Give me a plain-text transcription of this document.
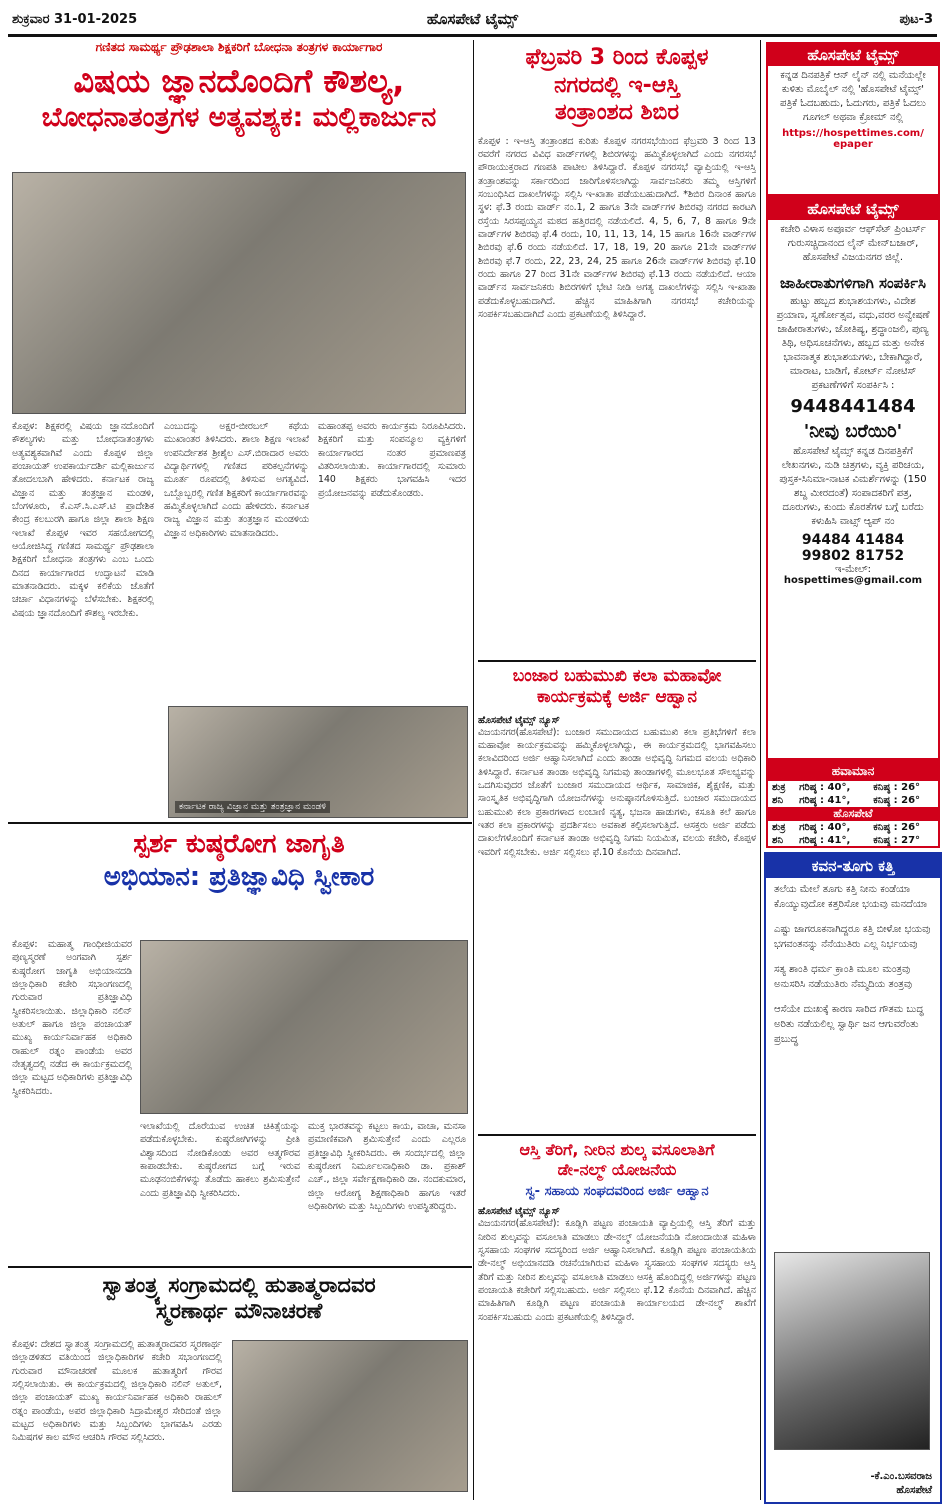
ಶುಕ್ರವಾರ 31-01-2025	ಹೊಸಪೇಟೆ ಟೈಮ್ಸ್	ಪುಟ-3
ಗಣಿತದ ಸಾಮರ್ಥ್ಯ ಪ್ರೌಢಶಾಲಾ ಶಿಕ್ಷಕರಿಗೆ ಬೋಧನಾ ತಂತ್ರಗಳ ಕಾರ್ಯಾಗಾರ
ವಿಷಯ ಜ್ಞಾನದೊಂದಿಗೆ ಕೌಶಲ್ಯ,
ಬೋಧನಾತಂತ್ರಗಳ ಅತ್ಯವಶ್ಯಕ: ಮಲ್ಲಿಕಾರ್ಜುನ
ಕೊಪ್ಪಳ: ಶಿಕ್ಷಕರಲ್ಲಿ ವಿಷಯ ಜ್ಞಾನದೊಂದಿಗೆ ಕೌಶಲ್ಯಗಳು ಮತ್ತು ಬೋಧನಾತಂತ್ರಗಳು ಅತ್ಯವಶ್ಯಕವಾಗಿವೆ ಎಂದು ಕೊಪ್ಪಳ ಜಿಲ್ಲಾ ಪಂಚಾಯತ್ ಉಪಕಾರ್ಯದರ್ಶಿ ಮಲ್ಲಿಕಾರ್ಜುನ ತೋದಲಬಾಗಿ ಹೇಳಿದರು. ಕರ್ನಾಟಕ ರಾಜ್ಯ ವಿಜ್ಞಾನ ಮತ್ತು ತಂತ್ರಜ್ಞಾನ ಮಂಡಳಿ, ಬೆಂಗಳೂರು, ಕೆ.ಎಸ್.ಸಿ.ಎಸ್.ಟಿ ಪ್ರಾದೇಶಿಕ ಕೇಂದ್ರ ಕಲಬುರಗಿ ಹಾಗೂ ಜಿಲ್ಲಾ ಶಾಲಾ ಶಿಕ್ಷಣ ಇಲಾಖೆ ಕೊಪ್ಪಳ ಇವರ ಸಹಯೋಗದಲ್ಲಿ ಆಯೋಜಿಸಿದ್ದ ಗಣಿತದ ಸಾಮರ್ಥ್ಯ ಪ್ರೌಢಶಾಲಾ ಶಿಕ್ಷಕರಿಗೆ ಬೋಧನಾ ತಂತ್ರಗಳು ಎಂಬ ಒಂದು ದಿನದ ಕಾರ್ಯಾಗಾರದ ಉದ್ಘಾಟನೆ ಮಾಡಿ ಮಾತನಾಡಿದರು. ಮಕ್ಕಳ ಕಲಿಕೆಯ ಜೊತೆಗೆ ಚರ್ಚಾ ವಿಧಾನಗಳನ್ನು ಬೆಳೆಸಬೇಕು. ಶಿಕ್ಷಕರಲ್ಲಿ ವಿಷಯ ಜ್ಞಾನದೊಂದಿಗೆ ಕೌಶಲ್ಯ ಇರಬೇಕು.
ಎಂಬುದನ್ನು ಅಕ್ಷರ-ಬೀರಬಲ್ ಕಥೆಯ ಮುಖಾಂತರ ತಿಳಿಸಿದರು. ಶಾಲಾ ಶಿಕ್ಷಣ ಇಲಾಖೆ ಉಪನಿರ್ದೇಶಕ ಶ್ರೀಶೈಲ ಎಸ್.ಬಿರಾದಾರ ಅವರು ವಿದ್ಯಾರ್ಥಿಗಳಲ್ಲಿ ಗಣಿತದ ಪರಿಕಲ್ಪನೆಗಳನ್ನು ಮೂರ್ತ ರೂಪದಲ್ಲಿ ತಿಳಿಸುವ ಅಗತ್ಯವಿದೆ. ಒಬ್ಬೊಬ್ಬರಲ್ಲಿ ಗಣಿತ ಶಿಕ್ಷಕರಿಗೆ ಕಾರ್ಯಾಗಾರವನ್ನು ಹಮ್ಮಿಕೊಳ್ಳಲಾಗಿದೆ ಎಂದು ಹೇಳಿದರು. ಕರ್ನಾಟಕ ರಾಜ್ಯ ವಿಜ್ಞಾನ ಮತ್ತು ತಂತ್ರಜ್ಞಾನ ಮಂಡಳಿಯ ವಿಜ್ಞಾನ ಅಧಿಕಾರಿಗಳು ಮಾತನಾಡಿದರು.
ಮಹಾಂತಪ್ಪ ಅವರು ಕಾರ್ಯಕ್ರಮ ನಿರೂಪಿಸಿದರು. ಶಿಕ್ಷಕರಿಗೆ ಮತ್ತು ಸಂಪನ್ಮೂಲ ವ್ಯಕ್ತಿಗಳಿಗೆ ಕಾರ್ಯಾಗಾರದ ನಂತರ ಪ್ರಮಾಣಪತ್ರ ವಿತರಿಸಲಾಯಿತು. ಕಾರ್ಯಾಗಾರದಲ್ಲಿ ಸುಮಾರು 140 ಶಿಕ್ಷಕರು ಭಾಗವಹಿಸಿ ಇದರ ಪ್ರಯೋಜನವನ್ನು ಪಡೆದುಕೊಂಡರು.
ಕರ್ನಾಟಕ ರಾಜ್ಯ ವಿಜ್ಞಾನ ಮತ್ತು ತಂತ್ರಜ್ಞಾನ ಮಂಡಳಿ
ಫೆಬ್ರವರಿ 3 ರಿಂದ ಕೊಪ್ಪಳ
ನಗರದಲ್ಲಿ ಇ-ಆಸ್ತಿ
ತಂತ್ರಾಂಶದ ಶಿಬಿರ
ಕೊಪ್ಪಳ : ಇ-ಆಸ್ತಿ ತಂತ್ರಾಂಶದ ಕುರಿತು ಕೊಪ್ಪಳ ನಗರಸಭೆಯಿಂದ ಫೆಬ್ರವರಿ 3 ರಿಂದ 13 ರವರೆಗೆ ನಗರದ ವಿವಿಧ ವಾರ್ಡ್‌ಗಳಲ್ಲಿ ಶಿಬಿರಗಳನ್ನು ಹಮ್ಮಿಕೊಳ್ಳಲಾಗಿದೆ ಎಂದು ನಗರಸಭೆ ಪೌರಾಯುಕ್ತರಾದ ಗಣಪತಿ ಪಾಟೀಲ ತಿಳಿಸಿದ್ದಾರೆ. ಕೊಪ್ಪಳ ನಗರಸಭೆ ವ್ಯಾಪ್ತಿಯಲ್ಲಿ ಇ-ಆಸ್ತಿ ತಂತ್ರಾಂಶವನ್ನು ಸರ್ಕಾರದಿಂದ ಜಾರಿಗೊಳಿಸಲಾಗಿದ್ದು ಸಾರ್ವಜನಿಕರು ತಮ್ಮ ಆಸ್ತಿಗಳಿಗೆ ಸಂಬಂಧಿಸಿದ ದಾಖಲೆಗಳನ್ನು ಸಲ್ಲಿಸಿ ಇ-ಖಾತಾ ಪಡೆಯಬಹುದಾಗಿದೆ. *ಶಿಬಿರ ದಿನಾಂಕ ಹಾಗೂ ಸ್ಥಳ: ಫೆ.3 ರಂದು ವಾರ್ಡ್ ನಂ.1, 2 ಹಾಗೂ 3ನೇ ವಾರ್ಡ್‌ಗಳ ಶಿಬಿರವು ನಗರದ ಕಾರಟಗಿ ರಸ್ತೆಯ ಸಿರಸಪ್ಪಯ್ಯನ ಮಠದ ಹತ್ತಿರದಲ್ಲಿ ನಡೆಯಲಿದೆ. 4, 5, 6, 7, 8 ಹಾಗೂ 9ನೇ ವಾರ್ಡ್‌ಗಳ ಶಿಬಿರವು ಫೆ.4 ರಂದು, 10, 11, 13, 14, 15 ಹಾಗೂ 16ನೇ ವಾರ್ಡ್‌ಗಳ ಶಿಬಿರವು ಫೆ.6 ರಂದು ನಡೆಯಲಿದೆ. 17, 18, 19, 20 ಹಾಗೂ 21ನೇ ವಾರ್ಡ್‌ಗಳ ಶಿಬಿರವು ಫೆ.7 ರಂದು, 22, 23, 24, 25 ಹಾಗೂ 26ನೇ ವಾರ್ಡ್‌ಗಳ ಶಿಬಿರವು ಫೆ.10 ರಂದು ಹಾಗೂ 27 ರಿಂದ 31ನೇ ವಾರ್ಡ್‌ಗಳ ಶಿಬಿರವು ಫೆ.13 ರಂದು ನಡೆಯಲಿದೆ. ಆಯಾ ವಾರ್ಡ್‌ನ ಸಾರ್ವಜನಿಕರು ಶಿಬಿರಗಳಿಗೆ ಭೇಟಿ ನೀಡಿ ಅಗತ್ಯ ದಾಖಲೆಗಳನ್ನು ಸಲ್ಲಿಸಿ ಇ-ಖಾತಾ ಪಡೆದುಕೊಳ್ಳಬಹುದಾಗಿದೆ. ಹೆಚ್ಚಿನ ಮಾಹಿತಿಗಾಗಿ ನಗರಸಭೆ ಕಚೇರಿಯನ್ನು ಸಂಪರ್ಕಿಸಬಹುದಾಗಿದೆ ಎಂದು ಪ್ರಕಟಣೆಯಲ್ಲಿ ತಿಳಿಸಿದ್ದಾರೆ.
ಬಂಜಾರ ಬಹುಮುಖಿ ಕಲಾ ಮಹಾವೋ
ಕಾರ್ಯಕ್ರಮಕ್ಕೆ ಅರ್ಜಿ ಆಹ್ವಾನ
ಹೊಸಪೇಟೆ ಟೈಮ್ಸ್ ನ್ಯೂಸ್
ವಿಜಯನಗರ(ಹೊಸಪೇಟೆ): ಬಂಜಾರ ಸಮುದಾಯದ ಬಹುಮುಖಿ ಕಲಾ ಪ್ರತಿಭೆಗಳಿಗೆ ಕಲಾ ಮಹಾವೋ ಕಾರ್ಯಕ್ರಮವನ್ನು ಹಮ್ಮಿಕೊಳ್ಳಲಾಗಿದ್ದು, ಈ ಕಾರ್ಯಕ್ರಮದಲ್ಲಿ ಭಾಗವಹಿಸಲು ಕಲಾವಿದರಿಂದ ಅರ್ಜಿ ಆಹ್ವಾನಿಸಲಾಗಿದೆ ಎಂದು ತಾಂಡಾ ಅಭಿವೃದ್ಧಿ ನಿಗಮದ ವಲಯ ಅಧಿಕಾರಿ ತಿಳಿಸಿದ್ದಾರೆ. ಕರ್ನಾಟಕ ತಾಂಡಾ ಅಭಿವೃದ್ಧಿ ನಿಗಮವು ತಾಂಡಾಗಳಲ್ಲಿ ಮೂಲಭೂತ ಸೌಲಭ್ಯವನ್ನು ಒದಗಿಸುವುದರ ಜೊತೆಗೆ ಬಂಜಾರ ಸಮುದಾಯದ ಆರ್ಥಿಕ, ಸಾಮಾಜಿಕ, ಶೈಕ್ಷಣಿಕ, ಮತ್ತು ಸಾಂಸ್ಕೃತಿಕ ಅಭಿವೃದ್ಧಿಗಾಗಿ ಯೋಜನೆಗಳನ್ನು ಅನುಷ್ಠಾನಗೊಳಿಸುತ್ತಿದೆ. ಬಂಜಾರ ಸಮುದಾಯದ ಬಹುಮುಖಿ ಕಲಾ ಪ್ರಕಾರಗಳಾದ ಲಂಬಾಣಿ ನೃತ್ಯ, ಭಜನಾ ಹಾಡುಗಳು, ಕಸೂತಿ ಕಲೆ ಹಾಗೂ ಇತರ ಕಲಾ ಪ್ರಕಾರಗಳನ್ನು ಪ್ರದರ್ಶಿಸಲು ಅವಕಾಶ ಕಲ್ಪಿಸಲಾಗುತ್ತಿದೆ. ಆಸಕ್ತರು ಅರ್ಜಿ ಪಡೆದು ದಾಖಲೆಗಳೊಂದಿಗೆ ಕರ್ನಾಟಕ ತಾಂಡಾ ಅಭಿವೃದ್ಧಿ ನಿಗಮ ನಿಯಮಿತ, ವಲಯ ಕಚೇರಿ, ಕೊಪ್ಪಳ ಇವರಿಗೆ ಸಲ್ಲಿಸಬೇಕು. ಅರ್ಜಿ ಸಲ್ಲಿಸಲು ಫೆ.10 ಕೊನೆಯ ದಿನವಾಗಿದೆ.
ಆಸ್ತಿ ತೆರಿಗೆ, ನೀರಿನ ಶುಲ್ಕ ವಸೂಲಾತಿಗೆ
ಡೇ-ನಲ್ಮ್ ಯೋಜನೆಯ
ಸ್ವ- ಸಹಾಯ ಸಂಘದವರಿಂದ ಅರ್ಜಿ ಆಹ್ವಾನ
ಹೊಸಪೇಟೆ ಟೈಮ್ಸ್ ನ್ಯೂಸ್
ವಿಜಯನಗರ(ಹೊಸಪೇಟೆ): ಕೂಡ್ಲಿಗಿ ಪಟ್ಟಣ ಪಂಚಾಯತಿ ವ್ಯಾಪ್ತಿಯಲ್ಲಿ ಆಸ್ತಿ ತೆರಿಗೆ ಮತ್ತು ನೀರಿನ ಶುಲ್ಕವನ್ನು ವಸೂಲಾತಿ ಮಾಡಲು ಡೇ-ನಲ್ಮ್ ಯೋಜನೆಯಡಿ ನೋಂದಾಯಿತ ಮಹಿಳಾ ಸ್ವಸಹಾಯ ಸಂಘಗಳ ಸದಸ್ಯರಿಂದ ಅರ್ಜಿ ಆಹ್ವಾನಿಸಲಾಗಿದೆ. ಕೂಡ್ಲಿಗಿ ಪಟ್ಟಣ ಪಂಚಾಯತಿಯ ಡೇ-ನಲ್ಮ್ ಅಭಿಯಾನದಡಿ ರಚನೆಯಾಗಿರುವ ಮಹಿಳಾ ಸ್ವಸಹಾಯ ಸಂಘಗಳ ಸದಸ್ಯರು ಆಸ್ತಿ ತೆರಿಗೆ ಮತ್ತು ನೀರಿನ ಶುಲ್ಕವನ್ನು ವಸೂಲಾತಿ ಮಾಡಲು ಆಸಕ್ತಿ ಹೊಂದಿದ್ದಲ್ಲಿ ಅರ್ಜಿಗಳನ್ನು ಪಟ್ಟಣ ಪಂಚಾಯತಿ ಕಚೇರಿಗೆ ಸಲ್ಲಿಸಬಹುದು. ಅರ್ಜಿ ಸಲ್ಲಿಸಲು ಫೆ.12 ಕೊನೆಯ ದಿನವಾಗಿದೆ. ಹೆಚ್ಚಿನ ಮಾಹಿತಿಗಾಗಿ ಕೂಡ್ಲಿಗಿ ಪಟ್ಟಣ ಪಂಚಾಯತಿ ಕಾರ್ಯಾಲಯದ ಡೇ-ನಲ್ಮ್ ಶಾಖೆಗೆ ಸಂಪರ್ಕಿಸಬಹುದು ಎಂದು ಪ್ರಕಟಣೆಯಲ್ಲಿ ತಿಳಿಸಿದ್ದಾರೆ.
ಸ್ಪರ್ಶ ಕುಷ್ಠರೋಗ ಜಾಗೃತಿ
ಅಭಿಯಾನ: ಪ್ರತಿಜ್ಞಾವಿಧಿ ಸ್ವೀಕಾರ
ಕೊಪ್ಪಳ: ಮಹಾತ್ಮ ಗಾಂಧೀಜಿಯವರ ಪುಣ್ಯಸ್ಮರಣೆ ಅಂಗವಾಗಿ ಸ್ಪರ್ಶ ಕುಷ್ಠರೋಗ ಜಾಗೃತಿ ಅಭಿಯಾನದಡಿ ಜಿಲ್ಲಾಧಿಕಾರಿ ಕಚೇರಿ ಸಭಾಂಗಣದಲ್ಲಿ ಗುರುವಾರ ಪ್ರತಿಜ್ಞಾವಿಧಿ ಸ್ವೀಕರಿಸಲಾಯಿತು. ಜಿಲ್ಲಾಧಿಕಾರಿ ನಲಿನ್ ಅತುಲ್ ಹಾಗೂ ಜಿಲ್ಲಾ ಪಂಚಾಯತ್ ಮುಖ್ಯ ಕಾರ್ಯನಿರ್ವಾಹಕ ಅಧಿಕಾರಿ ರಾಹುಲ್ ರತ್ನಂ ಪಾಂಡೆಯ ಅವರ ನೇತೃತ್ವದಲ್ಲಿ ನಡೆದ ಈ ಕಾರ್ಯಕ್ರಮದಲ್ಲಿ ಜಿಲ್ಲಾ ಮಟ್ಟದ ಅಧಿಕಾರಿಗಳು ಪ್ರತಿಜ್ಞಾವಿಧಿ ಸ್ವೀಕರಿಸಿದರು.
ಇಲಾಖೆಯಲ್ಲಿ ದೊರೆಯುವ ಉಚಿತ ಚಿಕಿತ್ಸೆಯನ್ನು ಪಡೆದುಕೊಳ್ಳಬೇಕು. ಕುಷ್ಠರೋಗಿಗಳನ್ನು ಪ್ರೀತಿ ವಿಶ್ವಾಸದಿಂದ ನೋಡಿಕೊಂಡು ಅವರ ಆತ್ಮಗೌರವ ಕಾಪಾಡಬೇಕು. ಕುಷ್ಠರೋಗದ ಬಗ್ಗೆ ಇರುವ ಮೂಢನಂಬಿಕೆಗಳನ್ನು ತೊಡೆದು ಹಾಕಲು ಶ್ರಮಿಸುತ್ತೇನೆ ಎಂದು ಪ್ರತಿಜ್ಞಾವಿಧಿ ಸ್ವೀಕರಿಸಿದರು.
ಮುಕ್ತ ಭಾರತವನ್ನು ಕಟ್ಟಲು ಕಾಯ, ವಾಚಾ, ಮನಸಾ ಪ್ರಮಾಣಿಕವಾಗಿ ಶ್ರಮಿಸುತ್ತೇನೆ ಎಂದು ಎಲ್ಲರೂ ಪ್ರತಿಜ್ಞಾವಿಧಿ ಸ್ವೀಕರಿಸಿದರು. ಈ ಸಂದರ್ಭದಲ್ಲಿ ಜಿಲ್ಲಾ ಕುಷ್ಠರೋಗ ನಿರ್ಮೂಲನಾಧಿಕಾರಿ ಡಾ. ಪ್ರಕಾಶ್ ಎಚ್., ಜಿಲ್ಲಾ ಸರ್ವೇಕ್ಷಣಾಧಿಕಾರಿ ಡಾ. ನಂದಕುಮಾರ, ಜಿಲ್ಲಾ ಆರೋಗ್ಯ ಶಿಕ್ಷಣಾಧಿಕಾರಿ ಹಾಗೂ ಇತರೆ ಅಧಿಕಾರಿಗಳು ಮತ್ತು ಸಿಬ್ಬಂದಿಗಳು ಉಪಸ್ಥಿತರಿದ್ದರು.
ಸ್ವಾತಂತ್ರ್ಯ ಸಂಗ್ರಾಮದಲ್ಲಿ ಹುತಾತ್ಮರಾದವರ
ಸ್ಮರಣಾರ್ಥ ಮೌನಾಚರಣೆ
ಕೊಪ್ಪಳ: ದೇಶದ ಸ್ವಾತಂತ್ರ್ಯ ಸಂಗ್ರಾಮದಲ್ಲಿ ಹುತಾತ್ಮರಾದವರ ಸ್ಮರಣಾರ್ಥ ಜಿಲ್ಲಾಡಳಿತದ ವತಿಯಿಂದ ಜಿಲ್ಲಾಧಿಕಾರಿಗಳ ಕಚೇರಿ ಸಭಾಂಗಣದಲ್ಲಿ ಗುರುವಾರ ಮೌನಾಚರಣೆ ಮೂಲಕ ಹುತಾತ್ಮರಿಗೆ ಗೌರವ ಸಲ್ಲಿಸಲಾಯಿತು. ಈ ಕಾರ್ಯಕ್ರಮದಲ್ಲಿ ಜಿಲ್ಲಾಧಿಕಾರಿ ನಲಿನ್ ಅತುಲ್, ಜಿಲ್ಲಾ ಪಂಚಾಯತ್ ಮುಖ್ಯ ಕಾರ್ಯನಿರ್ವಾಹಕ ಅಧಿಕಾರಿ ರಾಹುಲ್ ರತ್ನಂ ಪಾಂಡೆಯ, ಅಪರ ಜಿಲ್ಲಾಧಿಕಾರಿ ಸಿದ್ರಾಮೇಶ್ವರ ಸೇರಿದಂತೆ ಜಿಲ್ಲಾ ಮಟ್ಟದ ಅಧಿಕಾರಿಗಳು ಮತ್ತು ಸಿಬ್ಬಂದಿಗಳು ಭಾಗವಹಿಸಿ ಎರಡು ನಿಮಿಷಗಳ ಕಾಲ ಮೌನ ಆಚರಿಸಿ ಗೌರವ ಸಲ್ಲಿಸಿದರು.
ಹೊಸಪೇಟೆ ಟೈಮ್ಸ್
ಕನ್ನಡ ದಿನಪತ್ರಿಕೆ ಆನ್ ಲೈನ್ ನಲ್ಲಿ ಮನೆಯಲ್ಲೇ ಕುಳಿತು ಮೊಬೈಲ್ ನಲ್ಲಿ 'ಹೊಸಪೇಟೆ ಟೈಮ್ಸ್' ಪತ್ರಿಕೆ ಓದಬಹುದು, ಓದುಗರು, ಪತ್ರಿಕೆ ಓದಲು ಗೂಗಲ್ ಅಥವಾ ಕ್ರೋಮ್ ನಲ್ಲಿ
https://hospettimes.com/
epaper
ಹೊಸಪೇಟೆ ಟೈಮ್ಸ್
ಕಚೇರಿ ವಿಳಾಸ ಅಪೂರ್ವ ಆಫ್‌ಸೆಟ್ ಪ್ರಿಂಟರ್ಸ್ ಗುರುಸಚ್ಚಿದಾನಂದ ಲೈನ್ ಮೇನ್‌ಬಜಾರ್, ಹೊಸಪೇಟೆ ವಿಜಯನಗರ ಜಿಲ್ಲೆ.
ಜಾಹೀರಾತುಗಳಿಗಾಗಿ ಸಂಪರ್ಕಿಸಿ
ಹುಟ್ಟು ಹಬ್ಬದ ಶುಭಾಶಯಗಳು, ವಿದೇಶ ಪ್ರಯಾಣ, ಸ್ವರ್ಣೋತ್ಸವ, ವಧು,ವರರ ಅನ್ವೇಷಣೆ ಜಾಹೀರಾತುಗಳು, ಜೋತಿಷ್ಯ, ಶ್ರದ್ಧಾಂಜಲಿ, ಪುಣ್ಯ ತಿಥಿ, ಅಧಿಸೂಚನೆಗಳು, ಹಬ್ಬದ ಮತ್ತು ಅನೇಕ ಭಾವನಾತ್ಮಕ ಶುಭಾಶಯಗಳು, ಬೇಕಾಗಿದ್ದಾರೆ, ಮಾರಾಟ, ಬಾಡಿಗೆ, ಕೋರ್ಟ್ ನೋಟಿಸ್ ಪ್ರಕಟಣೆಗಳಿಗೆ ಸಂಪರ್ಕಿಸಿ :
9448441484
'ನೀವು ಬರೆಯಿರಿ'
ಹೊಸಪೇಟೆ ಟೈಮ್ಸ್ ಕನ್ನಡ ದಿನಪತ್ರಿಕೆಗೆ ಲೇಖನಗಳು, ನುಡಿ ಚಿತ್ರಗಳು, ವ್ಯಕ್ತಿ ಪರಿಚಯ, ಪುಸ್ತಕ-ಸಿನಿಮಾ-ನಾಟಕ ವಿಮರ್ಶೆಗಳನ್ನು (150 ಶಬ್ದ ಮೀರದಂತೆ) ಸಂಪಾದಕರಿಗೆ ಪತ್ರ, ದೂರುಗಳು, ಕುಂದು ಕೊರತೆಗಳ ಬಗ್ಗೆ ಬರೆದು ಕಳುಹಿಸಿ ವಾಟ್ಸ್ ಆ್ಯಪ್ ನಂ
94484 41484
99802 81752
ಇ-ಮೇಲ್: hospettimes@gmail.com
ಹವಾಮಾನ
ಶುಕ್ರ	ಗರಿಷ್ಠ : 40°,	ಕನಿಷ್ಠ : 26°
ಶನಿ	ಗರಿಷ್ಠ : 41°,	ಕನಿಷ್ಠ : 26°
ಹೊಸಪೇಟೆ
ಶುಕ್ರ	ಗರಿಷ್ಠ : 40°,	ಕನಿಷ್ಠ : 26°
ಶನಿ	ಗರಿಷ್ಠ : 41°,	ಕನಿಷ್ಠ : 27°
ಕವನ-ತೂಗು ಕತ್ತಿ

ತಲೆಯ ಮೇಲೆ ತೂಗು ಕತ್ತಿ ನೀನು ಕಂಡೆಯಾ ಕೊಯ್ಯುವುದೋ ಕತ್ತರಿಸೋ ಭಯವು ಮನದೆಯಾ

ಎಷ್ಟು ಜಾಗರೂಕನಾಗಿದ್ದರೂ ಕತ್ತಿ ಬೀಳೋ ಭಯವು ಭಗವಂತನನ್ನು ನೆನೆಯುತಿರು ಎಲ್ಲ ನಿರ್ಭಯವು

ಸತ್ಯ ಶಾಂತಿ ಧರ್ಮ ಕ್ರಾಂತಿ ಮೂಲ ಮಂತ್ರವು ಅನುಸರಿಸಿ ನಡೆಯುತಿರು ನೆಮ್ಮದಿಯ ತಂತ್ರವು

ಆಸೆಯೇ ದುಃಖಕ್ಕೆ ಕಾರಣ ಸಾರಿದ ಗೌತಮ ಬುದ್ಧ ಅರಿತು ನಡೆಯಲಿಲ್ಲ ಸ್ವಾರ್ಥಿ ಜನ ಆಗುವರೆಂತು ಪ್ರಬುದ್ಧ

-ಕೆ.ಎಂ.ಬಸವರಾಜ
ಹೊಸಪೇಟೆ
